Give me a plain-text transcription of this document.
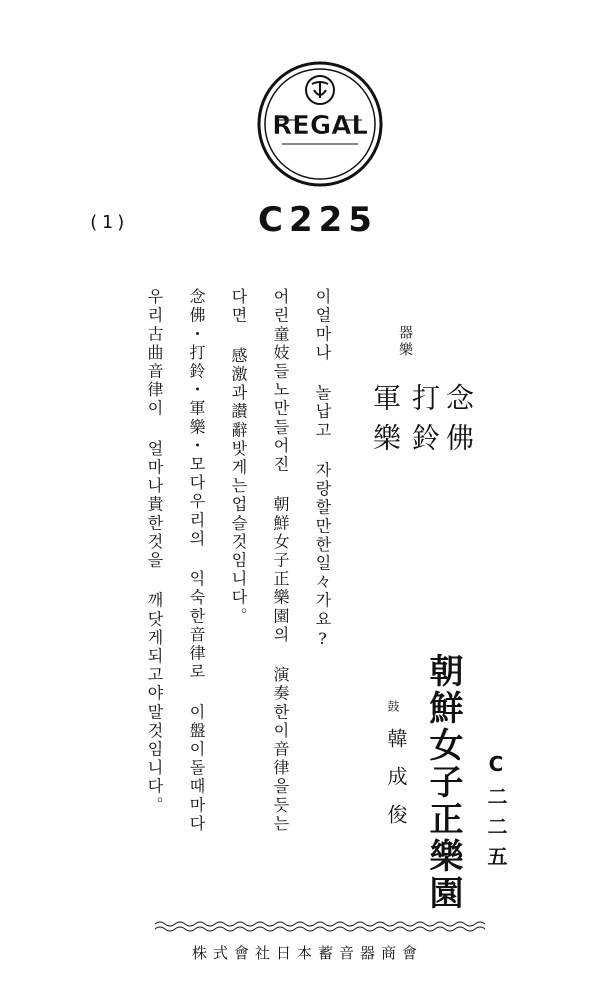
REGAL
(1)	C225
器樂
念佛
打鈴
軍樂
朝鮮女子正樂園
鼓
韓成俊	C二二五
이얼마나 놀납고 자랑할만한일々가요?
어린童妓들노만들어진 朝鮮女子正樂園의 演奏한이音律을듯는
다면 感激과讃辭밧게는업슬것임니다。
念佛・打鈴・軍樂・모다우리의 익숙한音律로 이盤이돌때마다
우리古曲音律이 얼마나貴한것을 깨닷게되고야말것임니다。
株式會社日本蓄音器商會
